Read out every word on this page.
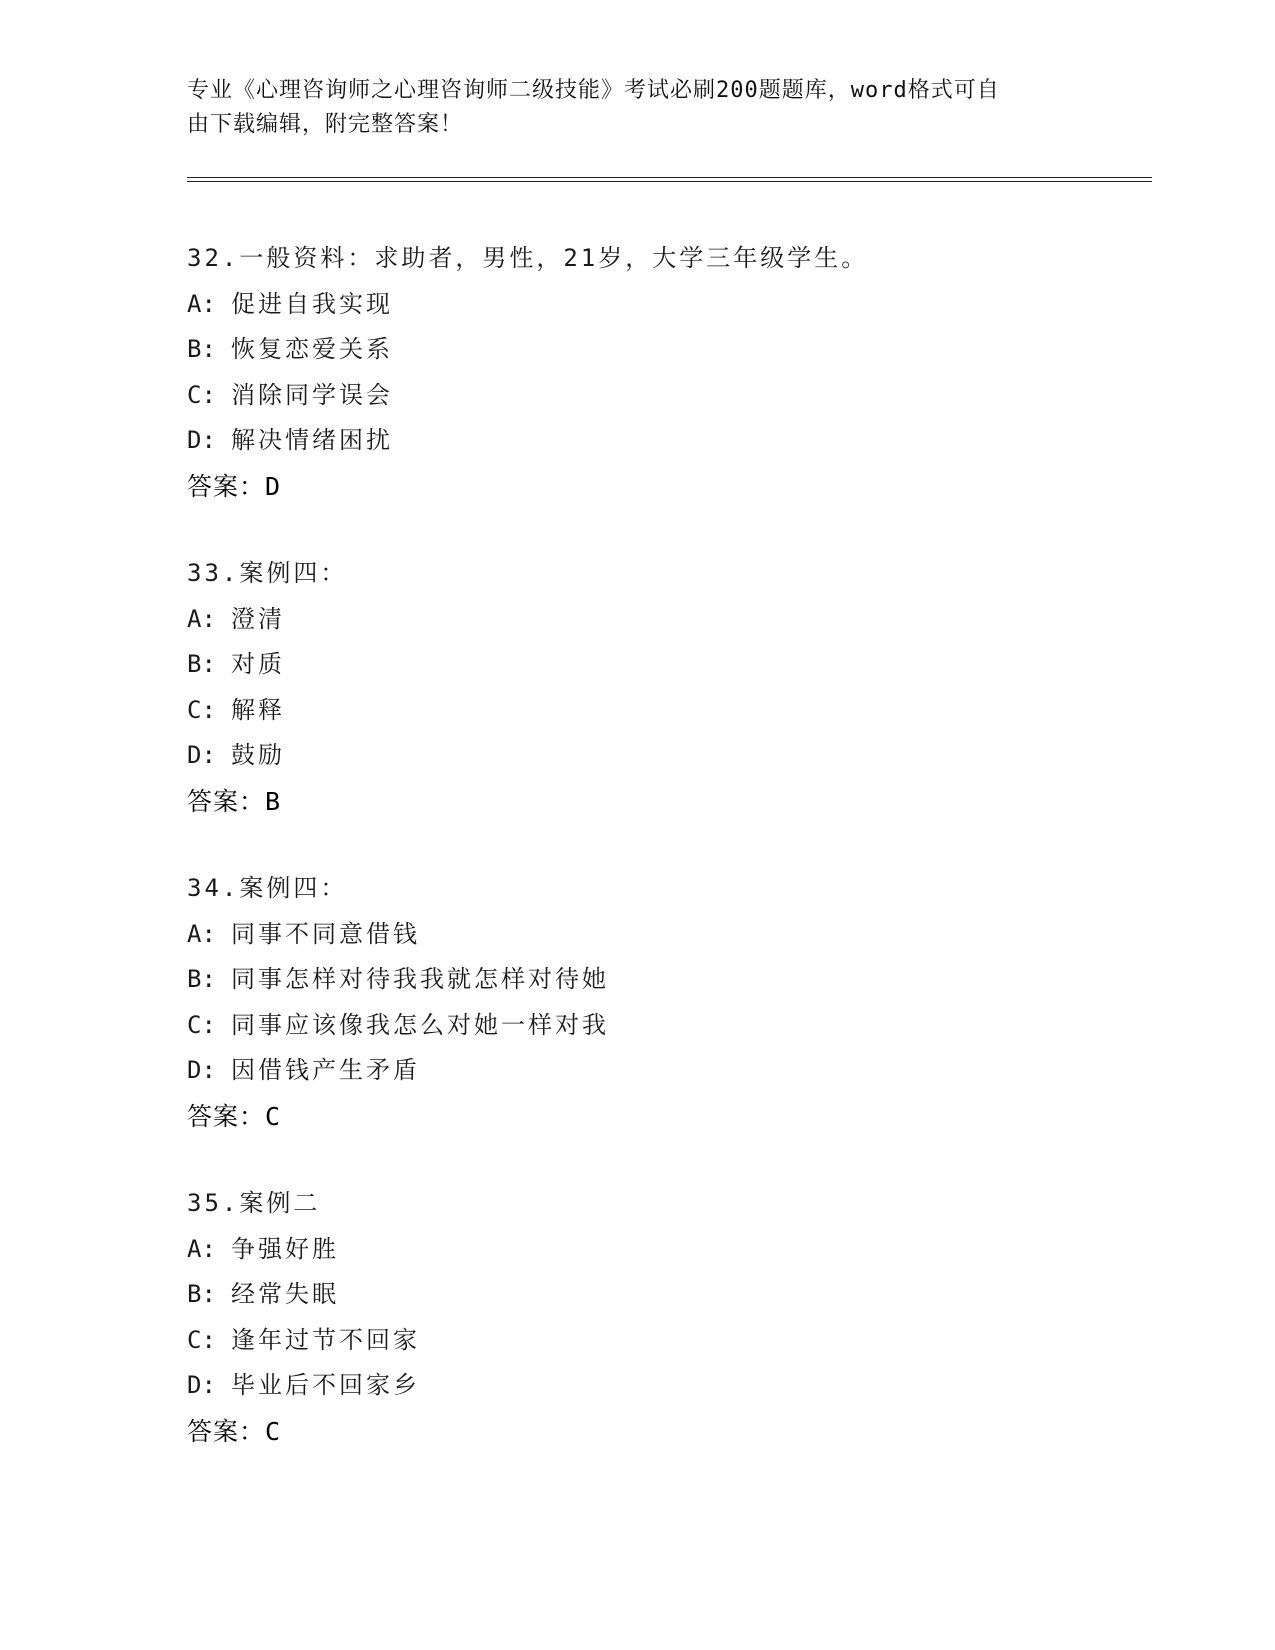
专业《心理咨询师之心理咨询师二级技能》考试必刷200题题库，word格式可自
由下载编辑，附完整答案！
32.一般资料：求助者，男性，21岁，大学三年级学生。
A: 促进自我实现
B: 恢复恋爱关系
C: 消除同学误会
D: 解决情绪困扰
答案：D
33.案例四：
A: 澄清
B: 对质
C: 解释
D: 鼓励
答案：B
34.案例四：
A: 同事不同意借钱
B: 同事怎样对待我我就怎样对待她
C: 同事应该像我怎么对她一样对我
D: 因借钱产生矛盾
答案：C
35.案例二
A: 争强好胜
B: 经常失眠
C: 逢年过节不回家
D: 毕业后不回家乡
答案：C
